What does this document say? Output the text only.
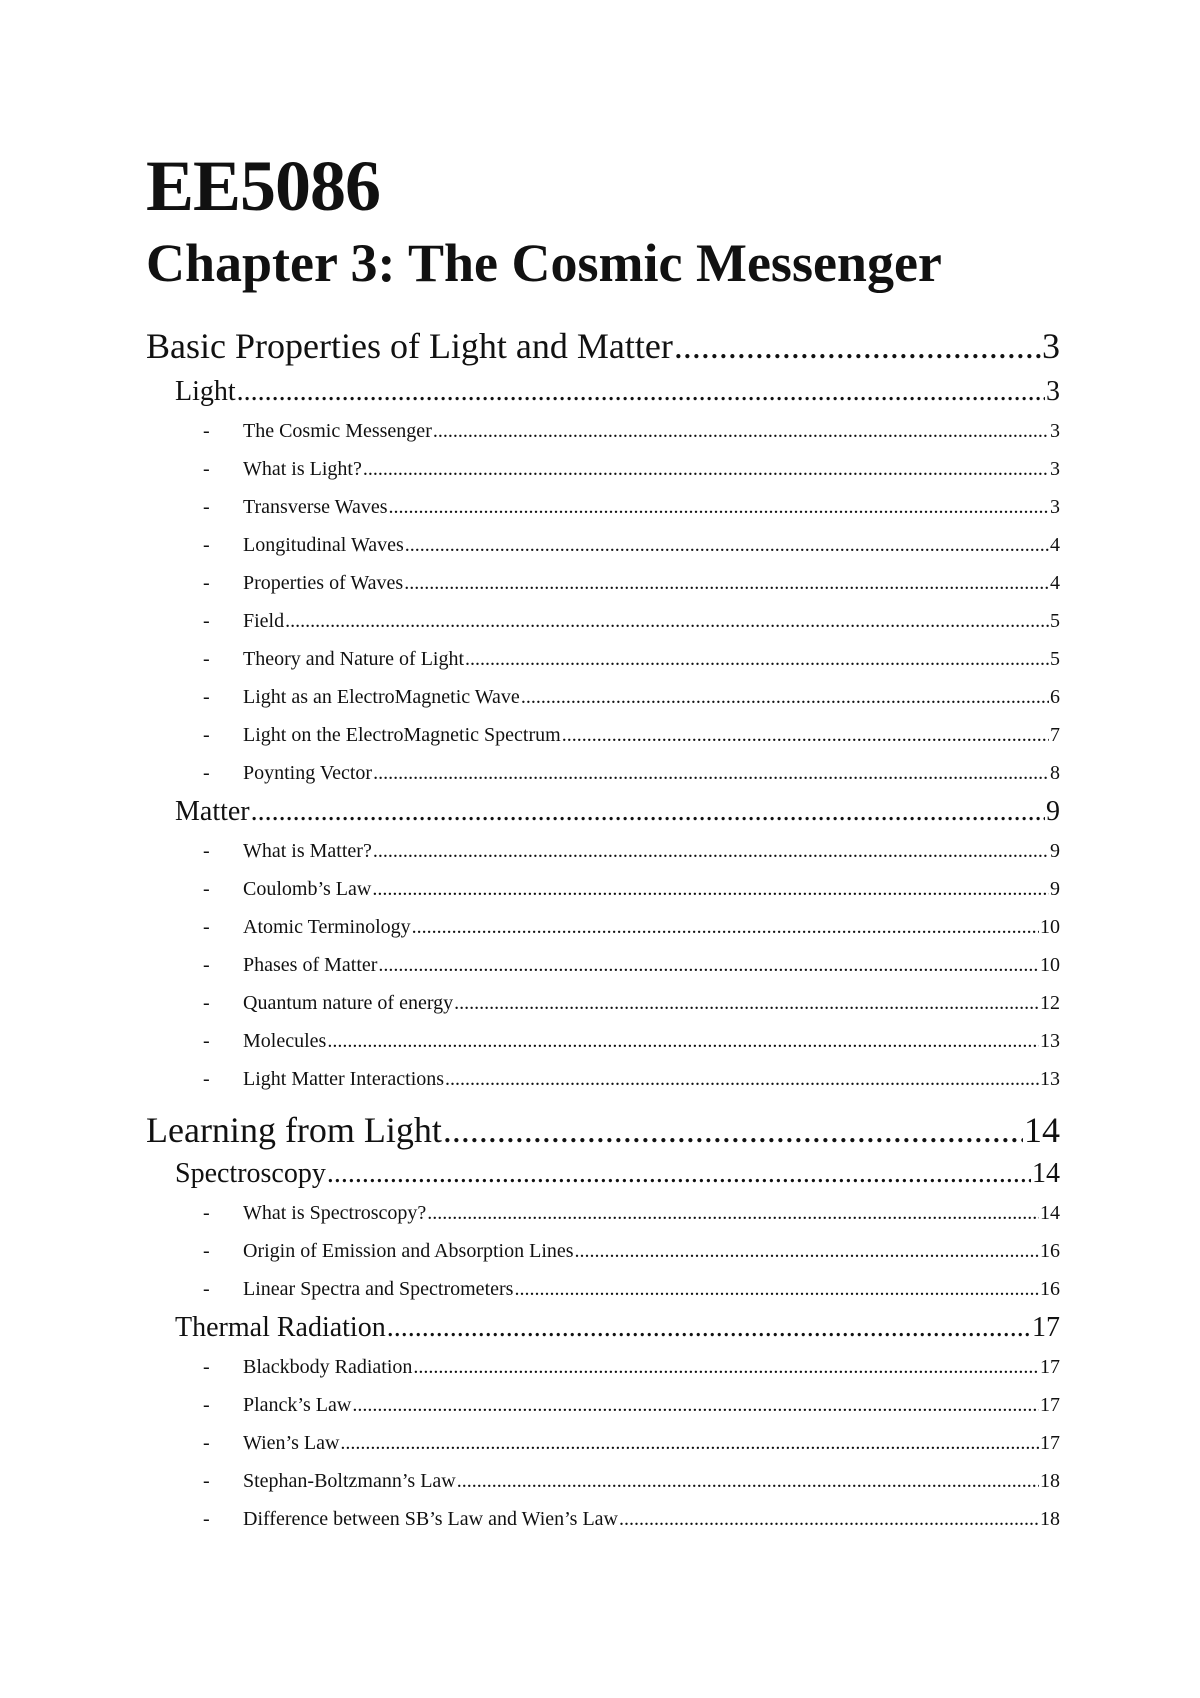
EE5086
Chapter 3: The Cosmic Messenger
Basic Properties of Light and Matter .....	3
Light .....	3
-	The Cosmic Messenger .....	3
-	What is Light? .....	3
-	Transverse Waves .....	3
-	Longitudinal Waves .....	4
-	Properties of Waves .....	4
-	Field .....	5
-	Theory and Nature of Light .....	5
-	Light as an ElectroMagnetic Wave .....	6
-	Light on the ElectroMagnetic Spectrum .....	7
-	Poynting Vector .....	8
Matter .....	9
-	What is Matter? .....	9
-	Coulomb’s Law .....	9
-	Atomic Terminology .....	10
-	Phases of Matter .....	10
-	Quantum nature of energy .....	12
-	Molecules .....	13
-	Light Matter Interactions .....	13
Learning from Light .....	14
Spectroscopy .....	14
-	What is Spectroscopy? .....	14
-	Origin of Emission and Absorption Lines .....	16
-	Linear Spectra and Spectrometers .....	16
Thermal Radiation .....	17
-	Blackbody Radiation .....	17
-	Planck’s Law .....	17
-	Wien’s Law .....	17
-	Stephan-Boltzmann’s Law .....	18
-	Difference between SB’s Law and Wien’s Law .....	18
